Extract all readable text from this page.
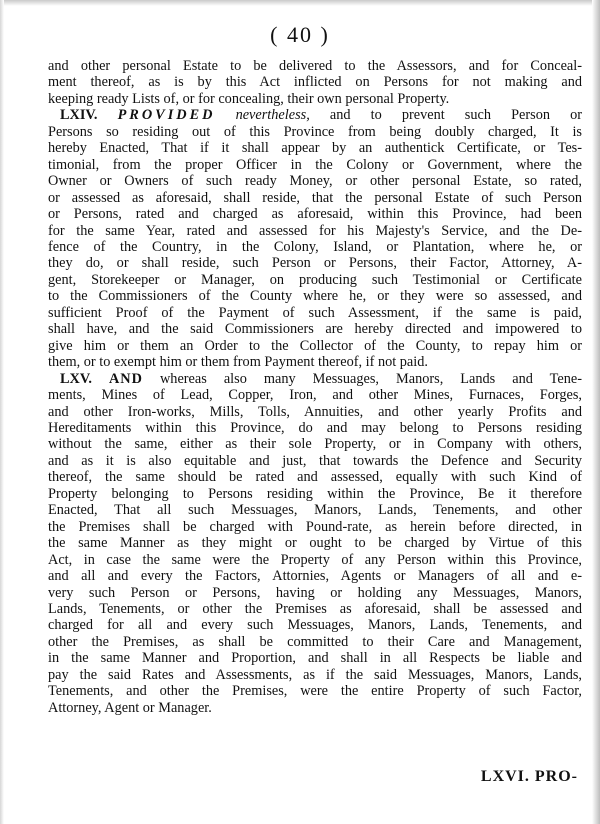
( 40 )
and other personal Estate to be delivered to the Assessors, and for Conceal-
ment thereof, as is by this Act inflicted on Persons for not making and
keeping ready Lists of, or for concealing, their own personal Property.
LXIV. PROVIDED nevertheless, and to prevent such Person or
Persons so residing out of this Province from being doubly charged, It is
hereby Enacted, That if it shall appear by an authentick Certificate, or Tes-
timonial, from the proper Officer in the Colony or Government, where the
Owner or Owners of such ready Money, or other personal Estate, so rated,
or assessed as aforesaid, shall reside, that the personal Estate of such Person
or Persons, rated and charged as aforesaid, within this Province, had been
for the same Year, rated and assessed for his Majesty's Service, and the De-
fence of the Country, in the Colony, Island, or Plantation, where he, or
they do, or shall reside, such Person or Persons, their Factor, Attorney, A-
gent, Storekeeper or Manager, on producing such Testimonial or Certificate
to the Commissioners of the County where he, or they were so assessed, and
sufficient Proof of the Payment of such Assessment, if the same is paid,
shall have, and the said Commissioners are hereby directed and impowered to
give him or them an Order to the Collector of the County, to repay him or
them, or to exempt him or them from Payment thereof, if not paid.
LXV. AND whereas also many Messuages, Manors, Lands and Tene-
ments, Mines of Lead, Copper, Iron, and other Mines, Furnaces, Forges,
and other Iron-works, Mills, Tolls, Annuities, and other yearly Profits and
Hereditaments within this Province, do and may belong to Persons residing
without the same, either as their sole Property, or in Company with others,
and as it is also equitable and just, that towards the Defence and Security
thereof, the same should be rated and assessed, equally with such Kind of
Property belonging to Persons residing within the Province, Be it therefore
Enacted, That all such Messuages, Manors, Lands, Tenements, and other
the Premises shall be charged with Pound-rate, as herein before directed, in
the same Manner as they might or ought to be charged by Virtue of this
Act, in case the same were the Property of any Person within this Province,
and all and every the Factors, Attornies, Agents or Managers of all and e-
very such Person or Persons, having or holding any Messuages, Manors,
Lands, Tenements, or other the Premises as aforesaid, shall be assessed and
charged for all and every such Messuages, Manors, Lands, Tenements, and
other the Premises, as shall be committed to their Care and Management,
in the same Manner and Proportion, and shall in all Respects be liable and
pay the said Rates and Assessments, as if the said Messuages, Manors, Lands,
Tenements, and other the Premises, were the entire Property of such Factor,
Attorney, Agent or Manager.
LXVI. PRO-
